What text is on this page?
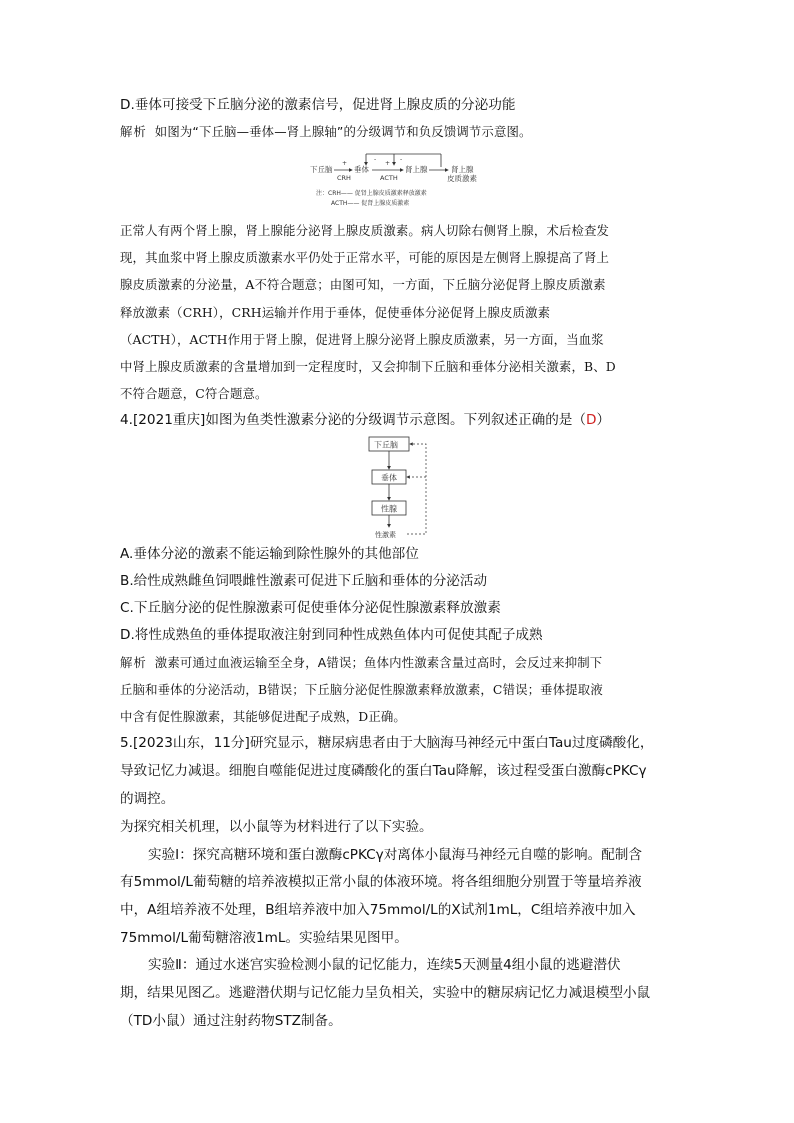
D.垂体可接受下丘脑分泌的激素信号，促进肾上腺皮质的分泌功能
解析 如图为“下丘脑—垂体—肾上腺轴”的分级调节和负反馈调节示意图。
-	-
下丘脑
+
垂体
+
肾上腺	肾上腺
皮质激素
CRH	ACTH
注：CRH—— 促肾上腺皮质激素释放激素
ACTH—— 促肾上腺皮质激素
正常人有两个肾上腺，肾上腺能分泌肾上腺皮质激素。病人切除右侧肾上腺，术后检查发
现，其血浆中肾上腺皮质激素水平仍处于正常水平，可能的原因是左侧肾上腺提高了肾上
腺皮质激素的分泌量，A不符合题意；由图可知，一方面，下丘脑分泌促肾上腺皮质激素
释放激素（CRH），CRH运输并作用于垂体，促使垂体分泌促肾上腺皮质激素
（ACTH），ACTH作用于肾上腺，促进肾上腺分泌肾上腺皮质激素，另一方面，当血浆
中肾上腺皮质激素的含量增加到一定程度时，又会抑制下丘脑和垂体分泌相关激素，B、D
不符合题意，C符合题意。
4.[2021重庆]如图为鱼类性激素分泌的分级调节示意图。下列叙述正确的是（D）
下丘脑
垂体
性腺
性激素
A.垂体分泌的激素不能运输到除性腺外的其他部位
B.给性成熟雌鱼饲喂雌性激素可促进下丘脑和垂体的分泌活动
C.下丘脑分泌的促性腺激素可促使垂体分泌促性腺激素释放激素
D.将性成熟鱼的垂体提取液注射到同种性成熟鱼体内可促使其配子成熟
解析 激素可通过血液运输至全身，A错误；鱼体内性激素含量过高时，会反过来抑制下
丘脑和垂体的分泌活动，B错误；下丘脑分泌促性腺激素释放激素，C错误；垂体提取液
中含有促性腺激素，其能够促进配子成熟，D正确。
5.[2023山东，11分]研究显示，糖尿病患者由于大脑海马神经元中蛋白Tau过度磷酸化，
导致记忆力减退。细胞自噬能促进过度磷酸化的蛋白Tau降解，该过程受蛋白激酶cPKCγ
的调控。
为探究相关机理，以小鼠等为材料进行了以下实验。
实验Ⅰ：探究高糖环境和蛋白激酶cPKCγ对离体小鼠海马神经元自噬的影响。配制含
有5mmol/L葡萄糖的培养液模拟正常小鼠的体液环境。将各组细胞分别置于等量培养液
中，A组培养液不处理，B组培养液中加入75mmol/L的X试剂1mL，C组培养液中加入
75mmol/L葡萄糖溶液1mL。实验结果见图甲。
实验Ⅱ：通过水迷宫实验检测小鼠的记忆能力，连续5天测量4组小鼠的逃避潜伏
期，结果见图乙。逃避潜伏期与记忆能力呈负相关，实验中的糖尿病记忆力减退模型小鼠
（TD小鼠）通过注射药物STZ制备。
